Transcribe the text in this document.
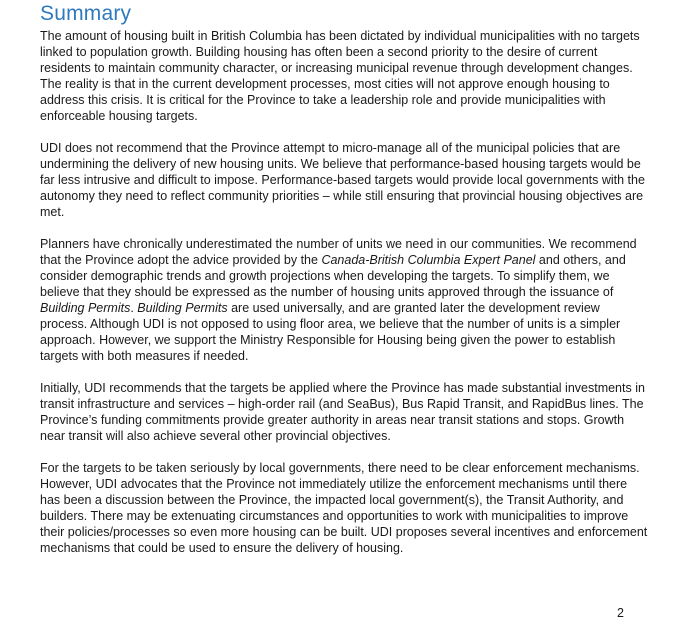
Summary

The amount of housing built in British Columbia has been dictated by individual municipalities with no targets linked to population growth. Building housing has often been a second priority to the desire of current residents to maintain community character, or increasing municipal revenue through development changes. The reality is that in the current development processes, most cities will not approve enough housing to address this crisis. It is critical for the Province to take a leadership role and provide municipalities with enforceable housing targets.

UDI does not recommend that the Province attempt to micro-manage all of the municipal policies that are undermining the delivery of new housing units. We believe that performance-based housing targets would be far less intrusive and difficult to impose. Performance-based targets would provide local governments with the autonomy they need to reflect community priorities – while still ensuring that provincial housing objectives are met.

Planners have chronically underestimated the number of units we need in our communities. We recommend that the Province adopt the advice provided by the Canada-British Columbia Expert Panel and others, and consider demographic trends and growth projections when developing the targets. To simplify them, we believe that they should be expressed as the number of housing units approved through the issuance of Building Permits. Building Permits are used universally, and are granted later the development review process. Although UDI is not opposed to using floor area, we believe that the number of units is a simpler approach. However, we support the Ministry Responsible for Housing being given the power to establish targets with both measures if needed.

Initially, UDI recommends that the targets be applied where the Province has made substantial investments in transit infrastructure and services – high-order rail (and SeaBus), Bus Rapid Transit, and RapidBus lines. The Province’s funding commitments provide greater authority in areas near transit stations and stops. Growth near transit will also achieve several other provincial objectives.

For the targets to be taken seriously by local governments, there need to be clear enforcement mechanisms. However, UDI advocates that the Province not immediately utilize the enforcement mechanisms until there has been a discussion between the Province, the impacted local government(s), the Transit Authority, and builders. There may be extenuating circumstances and opportunities to work with municipalities to improve their policies/processes so even more housing can be built. UDI proposes several incentives and enforcement mechanisms that could be used to ensure the delivery of housing.

2
